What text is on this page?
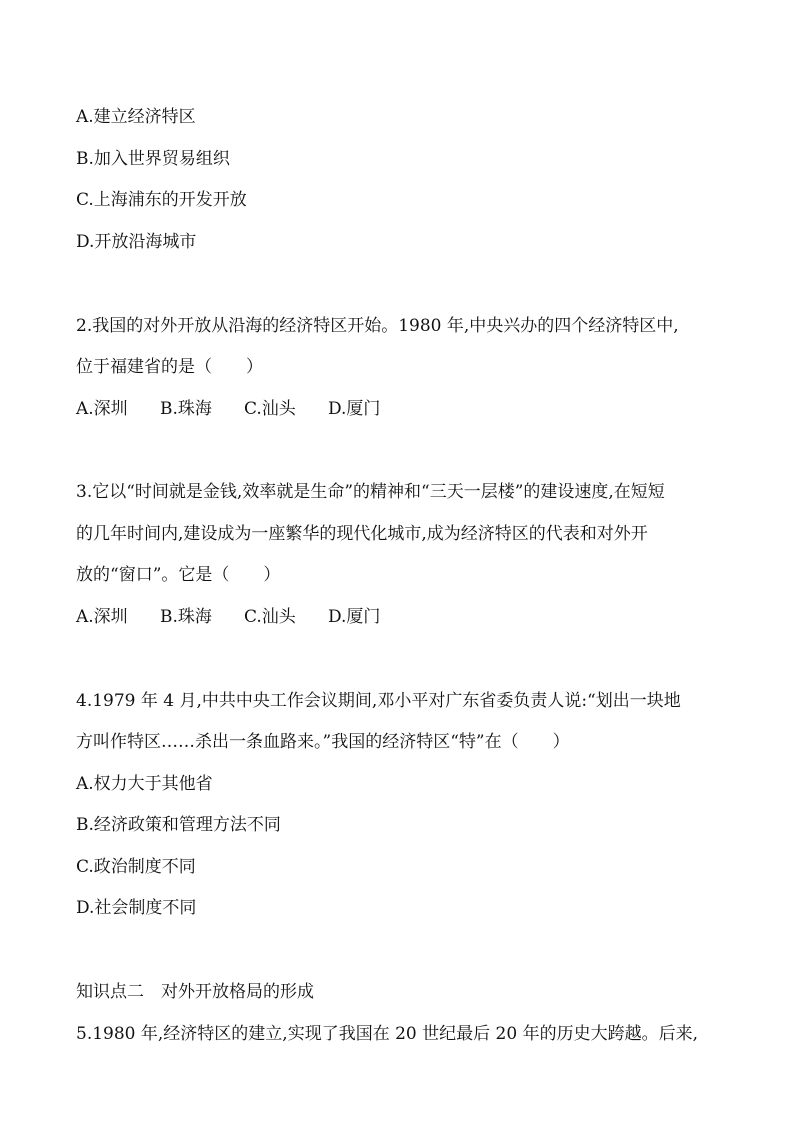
A.建立经济特区
B.加入世界贸易组织
C.上海浦东的开发开放
D.开放沿海城市
2.我国的对外开放从沿海的经济特区开始。1980 年,中央兴办的四个经济特区中,
位于福建省的是（　　）
A.深圳	B.珠海	C.汕头	D.厦门
3.它以“时间就是金钱,效率就是生命”的精神和“三天一层楼”的建设速度,在短短
的几年时间内,建设成为一座繁华的现代化城市,成为经济特区的代表和对外开
放的“窗口”。它是（　　）
A.深圳	B.珠海	C.汕头	D.厦门
4.1979 年 4 月,中共中央工作会议期间,邓小平对广东省委负责人说:“划出一块地
方叫作特区……杀出一条血路来。”我国的经济特区“特”在（　　）
A.权力大于其他省
B.经济政策和管理方法不同
C.政治制度不同
D.社会制度不同
知识点二　对外开放格局的形成
5.1980 年,经济特区的建立,实现了我国在 20 世纪最后 20 年的历史大跨越。后来,
